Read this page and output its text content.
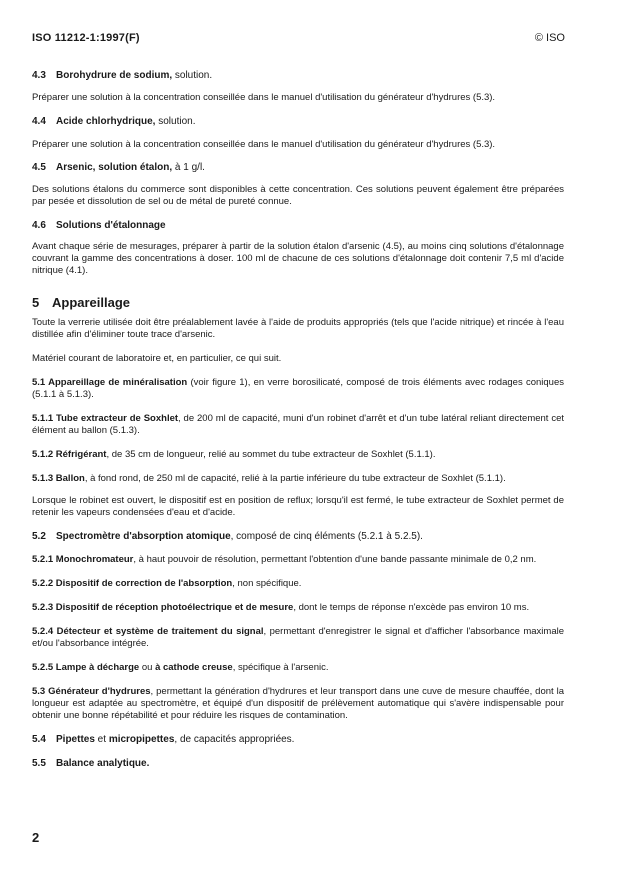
ISO 11212-1:1997(F)	© ISO

4.3 Borohydrure de sodium, solution.

Préparer une solution à la concentration conseillée dans le manuel d'utilisation du générateur d'hydrures (5.3).

4.4 Acide chlorhydrique, solution.

Préparer une solution à la concentration conseillée dans le manuel d'utilisation du générateur d'hydrures (5.3).

4.5 Arsenic, solution étalon, à 1 g/l.

Des solutions étalons du commerce sont disponibles à cette concentration. Ces solutions peuvent également être préparées par pesée et dissolution de sel ou de métal de pureté connue.

4.6 Solutions d'étalonnage

Avant chaque série de mesurages, préparer à partir de la solution étalon d'arsenic (4.5), au moins cinq solutions d'étalonnage couvrant la gamme des concentrations à doser. 100 ml de chacune de ces solutions d'étalonnage doit contenir 7,5 ml d'acide nitrique (4.1).

5 Appareillage

Toute la verrerie utilisée doit être préalablement lavée à l'aide de produits appropriés (tels que l'acide nitrique) et rincée à l'eau distillée afin d'éliminer toute trace d'arsenic.

Matériel courant de laboratoire et, en particulier, ce qui suit.

5.1 Appareillage de minéralisation (voir figure 1), en verre borosilicaté, composé de trois éléments avec rodages coniques (5.1.1 à 5.1.3).

5.1.1 Tube extracteur de Soxhlet, de 200 ml de capacité, muni d'un robinet d'arrêt et d'un tube latéral reliant directement cet élément au ballon (5.1.3).

5.1.2 Réfrigérant, de 35 cm de longueur, relié au sommet du tube extracteur de Soxhlet (5.1.1).

5.1.3 Ballon, à fond rond, de 250 ml de capacité, relié à la partie inférieure du tube extracteur de Soxhlet (5.1.1).

Lorsque le robinet est ouvert, le dispositif est en position de reflux; lorsqu'il est fermé, le tube extracteur de Soxhlet permet de retenir les vapeurs condensées d'eau et d'acide.

5.2 Spectromètre d'absorption atomique, composé de cinq éléments (5.2.1 à 5.2.5).

5.2.1 Monochromateur, à haut pouvoir de résolution, permettant l'obtention d'une bande passante minimale de 0,2 nm.

5.2.2 Dispositif de correction de l'absorption, non spécifique.

5.2.3 Dispositif de réception photoélectrique et de mesure, dont le temps de réponse n'excède pas environ 10 ms.

5.2.4 Détecteur et système de traitement du signal, permettant d'enregistrer le signal et d'afficher l'absorbance maximale et/ou l'absorbance intégrée.

5.2.5 Lampe à décharge ou à cathode creuse, spécifique à l'arsenic.

5.3 Générateur d'hydrures, permettant la génération d'hydrures et leur transport dans une cuve de mesure chauffée, dont la longueur est adaptée au spectromètre, et équipé d'un dispositif de prélèvement automatique qui s'avère indispensable pour obtenir une bonne répétabilité et pour réduire les risques de contamination.

5.4 Pipettes et micropipettes, de capacités appropriées.

5.5 Balance analytique.

2
